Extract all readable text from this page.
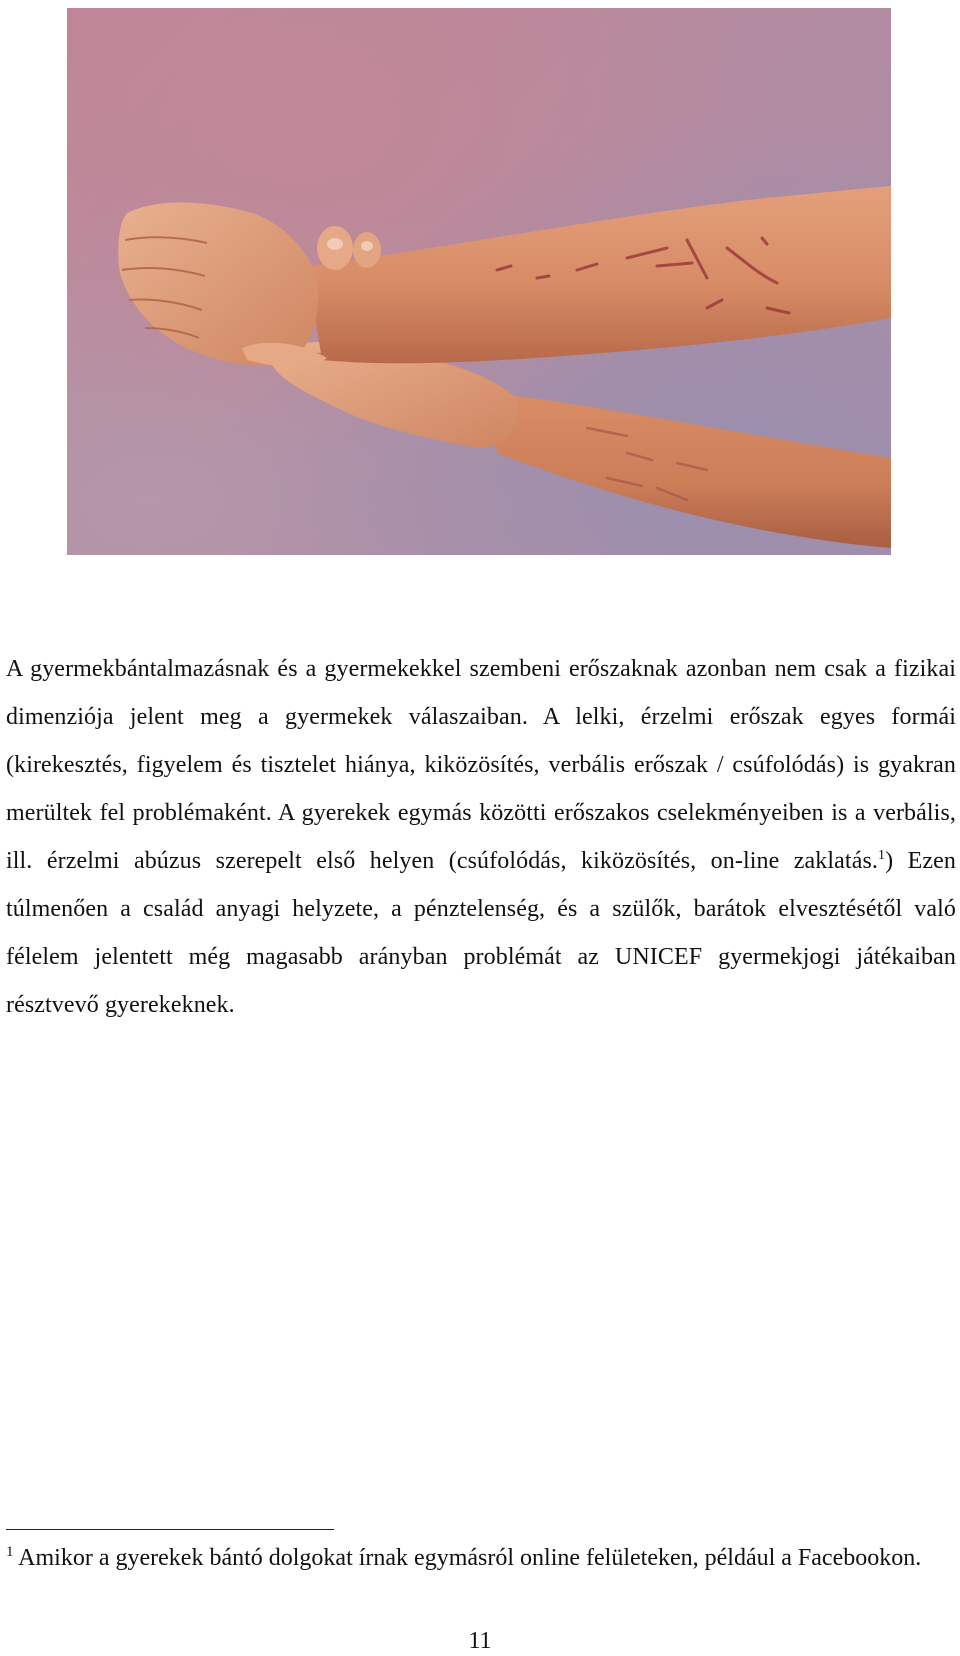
A gyermekbántalmazásnak és a gyermekekkel szembeni erőszaknak azonban nem csak a fizikai dimenziója jelent meg a gyermekek válaszaiban. A lelki, érzelmi erőszak egyes formái (kirekesztés, figyelem és tisztelet hiánya, kiközösítés, verbális erőszak / csúfolódás) is gyakran merültek fel problémaként. A gyerekek egymás közötti erőszakos cselekményeiben is a verbális, ill. érzelmi abúzus szerepelt első helyen (csúfolódás, kiközösítés, on-line zaklatás.$^1$) Ezen túlmenően a család anyagi helyzete, a pénztelenség, és a szülők, barátok elvesztésétől való félelem jelentett még magasabb arányban problémát az UNICEF gyermekjogi játékaiban résztvevő gyerekeknek.

$^1$ Amikor a gyerekek bántó dolgokat írnak egymásról online felületeken, például a Facebookon.

11
